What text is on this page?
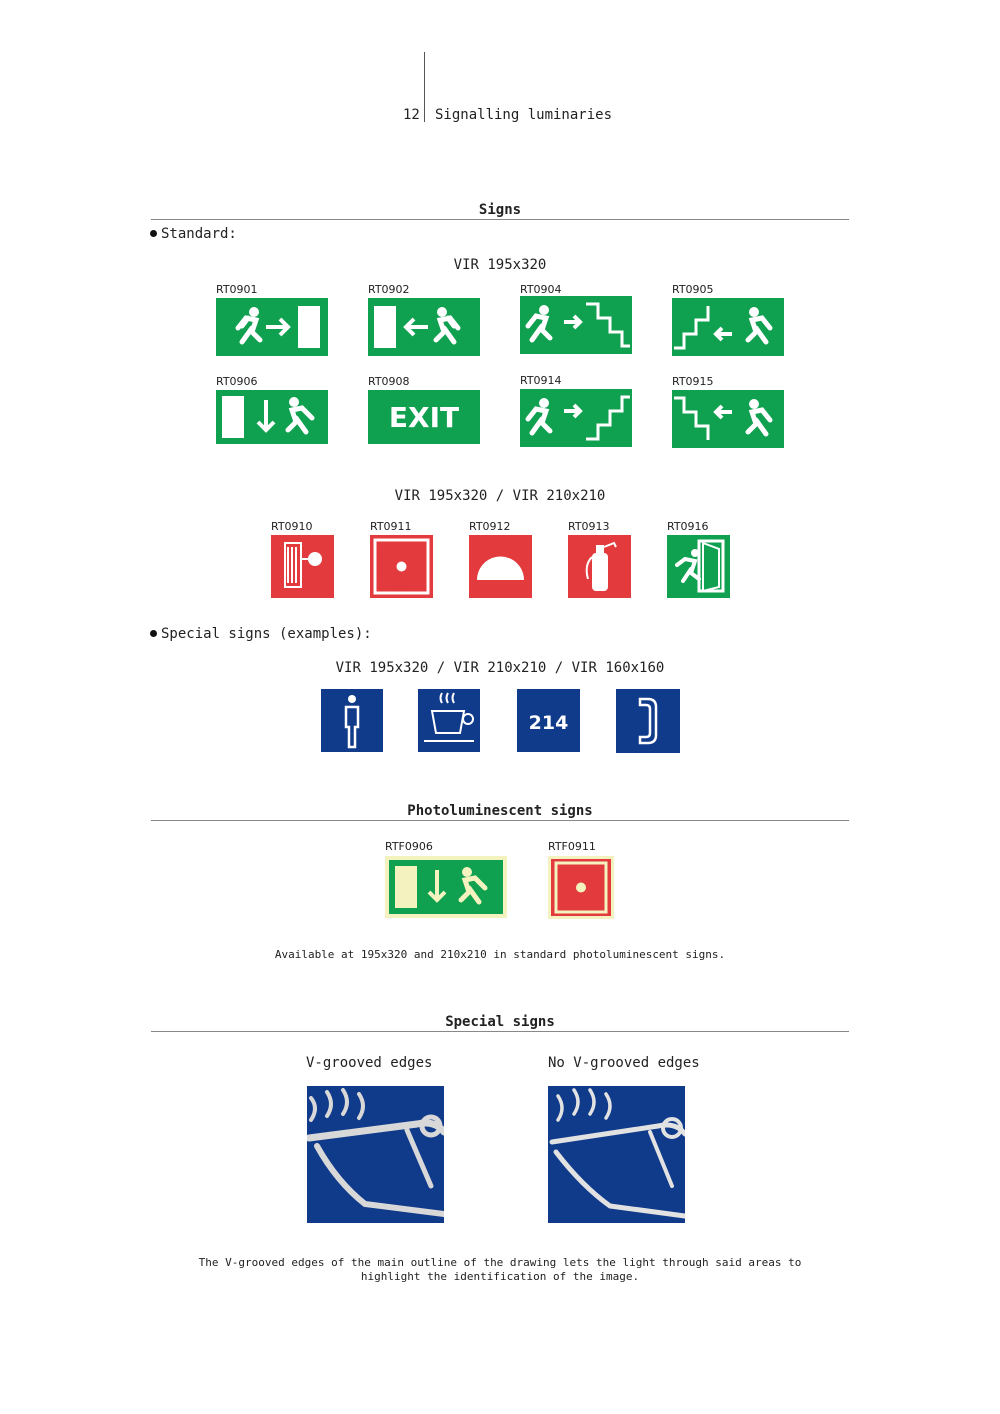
12 Signalling luminaries
Signs
Standard:
VIR 195x320
RT0901	RT0902	RT0904	RT0905
RT0906	RT0908	RT0914	RT0915
EXIT
VIR 195x320 / VIR 210x210
RT0910	RT0911	RT0912	RT0913	RT0916
Special signs (examples):
VIR 195x320 / VIR 210x210 / VIR 160x160
214
Photoluminescent signs
RTF0906	RTF0911
Available at 195x320 and 210x210 in standard photoluminescent signs.
Special signs
V-grooved edges	No V-grooved edges
The V-grooved edges of the main outline of the drawing lets the light through said areas to
highlight the identification of the image.
